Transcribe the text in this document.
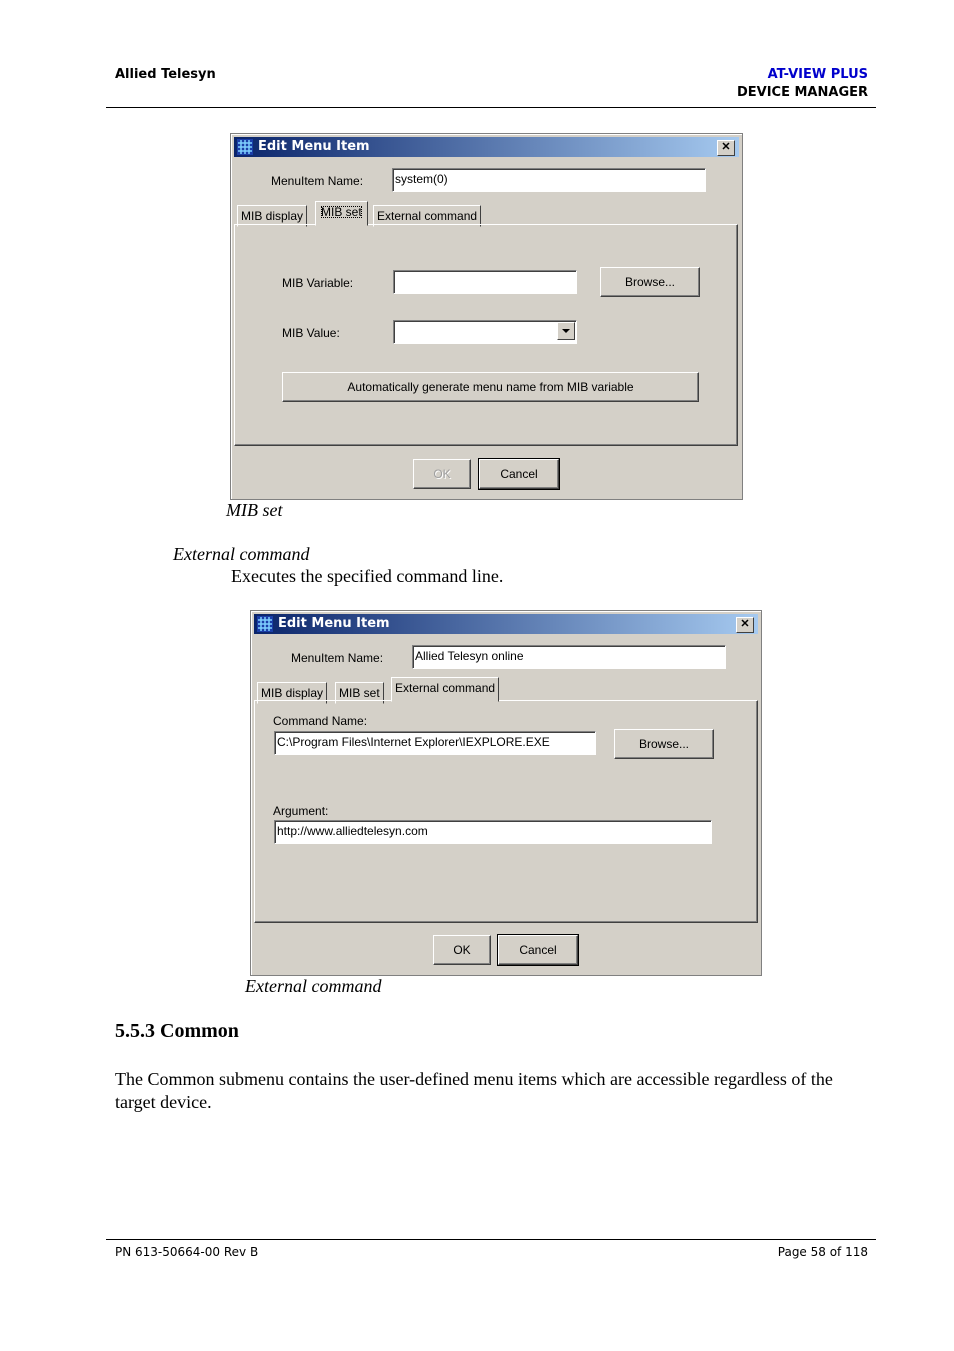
Allied Telesyn	AT-VIEW PLUS
DEVICE MANAGER
Edit Menu Item	✕
MenuItem Name:	system(0)
MIB display	MIB set	External command
MIB Variable:	Browse...
MIB Value:
Automatically generate menu name from MIB variable
OK	Cancel
MIB set
External command
Executes the specified command line.
Edit Menu Item	✕
MenuItem Name:	Allied Telesyn online
MIB display	MIB set	External command
Command Name:
C:\Program Files\Internet Explorer\IEXPLORE.EXE	Browse...
Argument:
http://www.alliedtelesyn.com
OK	Cancel
External command
5.5.3 Common
The Common submenu contains the user-defined menu items which are accessible regardless of the target device.
PN 613-50664-00 Rev B	Page 58 of 118
